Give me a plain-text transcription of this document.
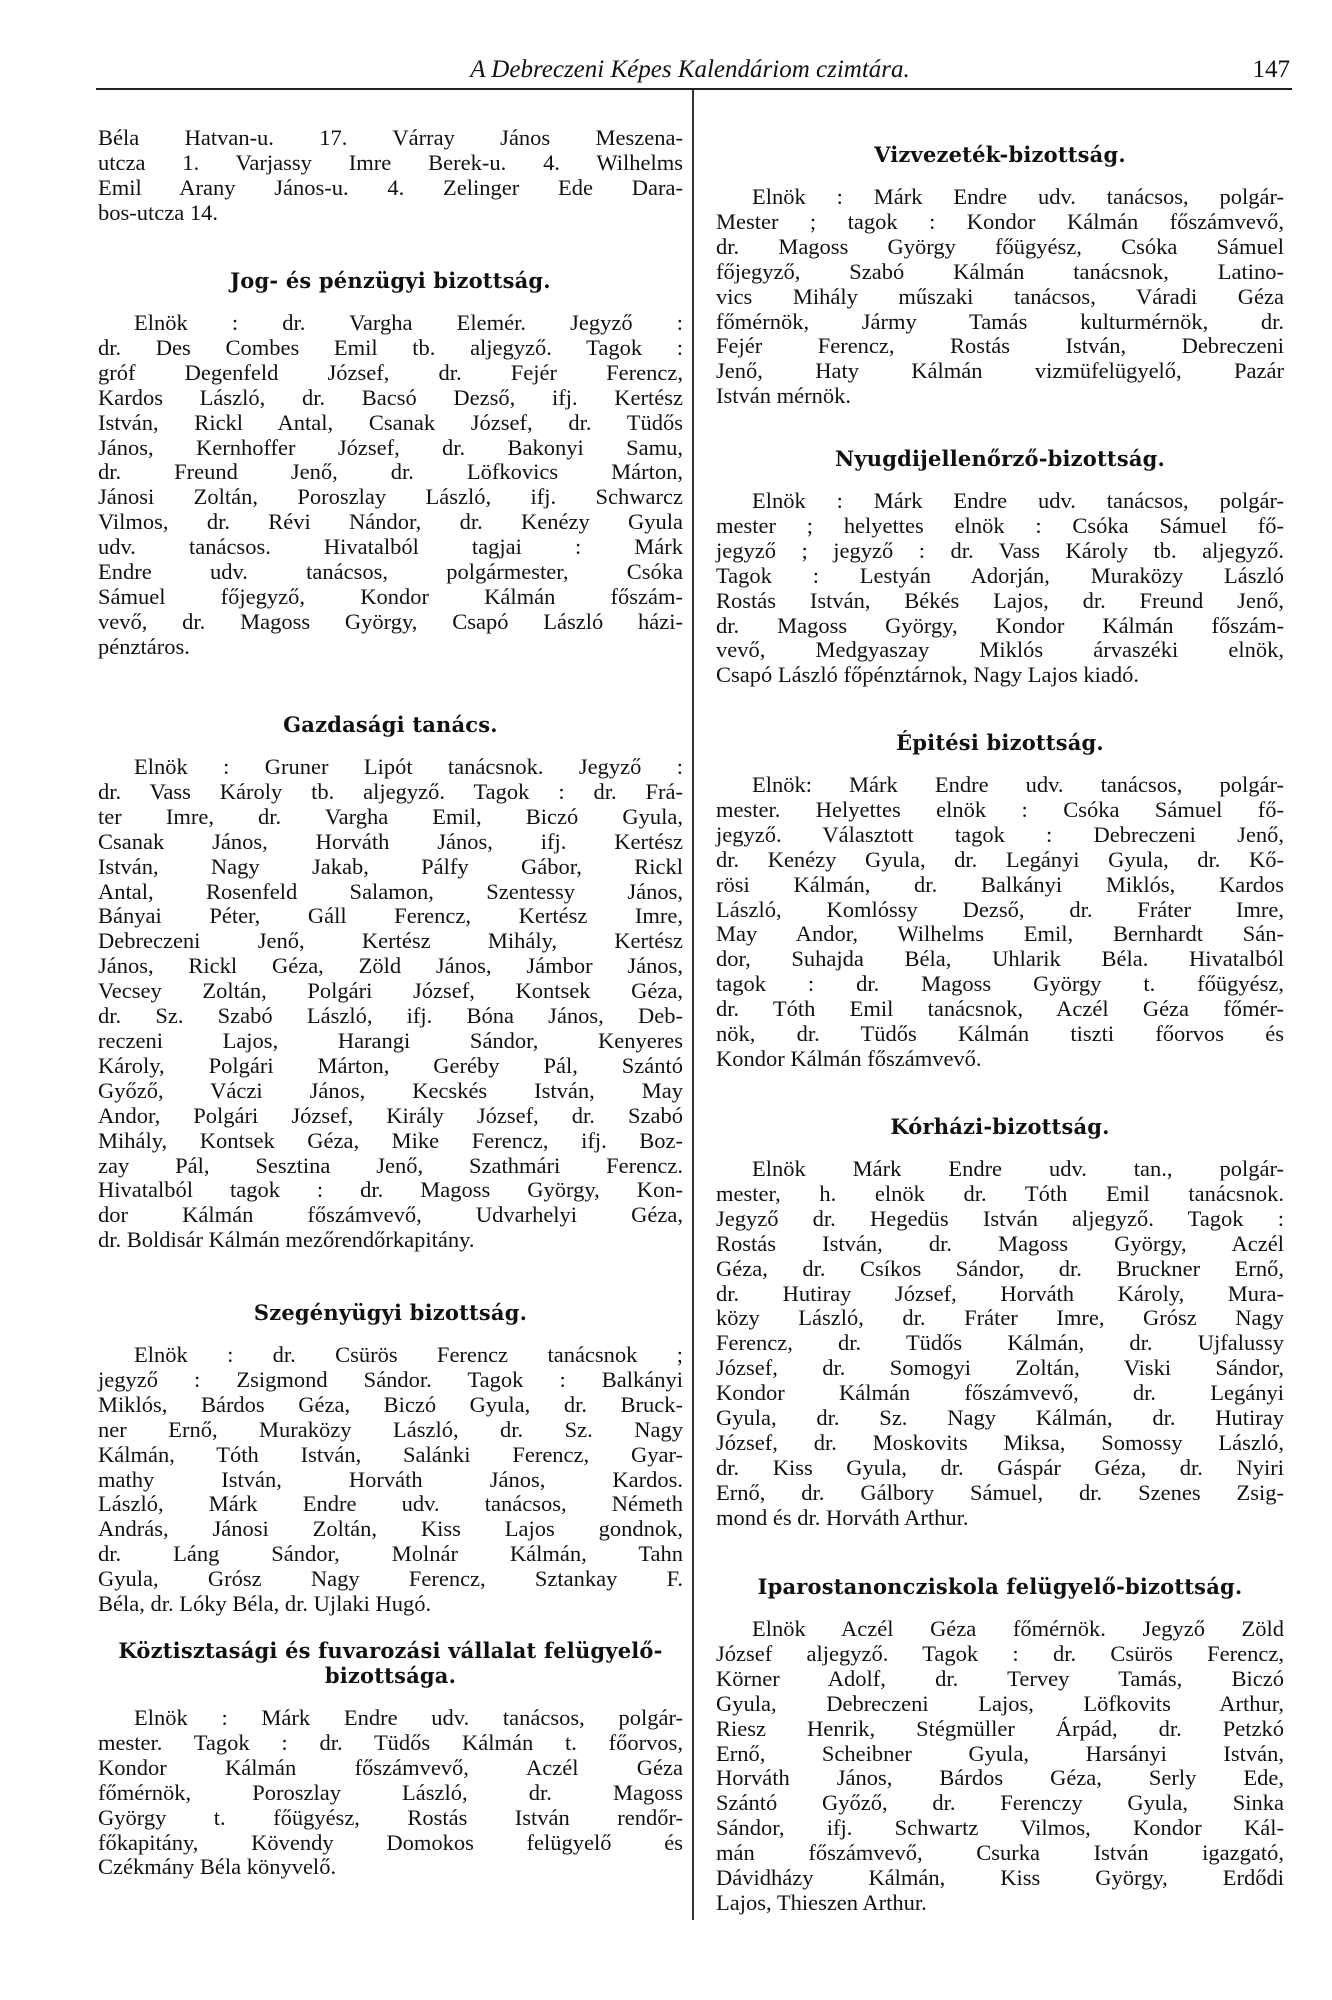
A Debreczeni Képes Kalendáriom czimtára.	147
Béla Hatvan-u. 17. Várray János Meszena-
utcza 1. Varjassy Imre Berek-u. 4. Wilhelms
Emil Arany János-u. 4. Zelinger Ede Dara-
bos-utcza 14.
Jog- és pénzügyi bizottság.
Elnök : dr. Vargha Elemér. Jegyző :
dr. Des Combes Emil tb. aljegyző. Tagok :
gróf Degenfeld József, dr. Fejér Ferencz,
Kardos László, dr. Bacsó Dezső, ifj. Kertész
István, Rickl Antal, Csanak József, dr. Tüdős
János, Kernhoffer József, dr. Bakonyi Samu,
dr. Freund Jenő, dr. Löfkovics Márton,
Jánosi Zoltán, Poroszlay László, ifj. Schwarcz
Vilmos, dr. Révi Nándor, dr. Kenézy Gyula
udv. tanácsos. Hivatalból tagjai : Márk
Endre udv. tanácsos, polgármester, Csóka
Sámuel főjegyző, Kondor Kálmán főszám-
vevő, dr. Magoss György, Csapó László házi-
pénztáros.
Gazdasági tanács.
Elnök : Gruner Lipót tanácsnok. Jegyző :
dr. Vass Károly tb. aljegyző. Tagok : dr. Frá-
ter Imre, dr. Vargha Emil, Biczó Gyula,
Csanak János, Horváth János, ifj. Kertész
István, Nagy Jakab, Pálfy Gábor, Rickl
Antal, Rosenfeld Salamon, Szentessy János,
Bányai Péter, Gáll Ferencz, Kertész Imre,
Debreczeni Jenő, Kertész Mihály, Kertész
János, Rickl Géza, Zöld János, Jámbor János,
Vecsey Zoltán, Polgári József, Kontsek Géza,
dr. Sz. Szabó László, ifj. Bóna János, Deb-
reczeni Lajos, Harangi Sándor, Kenyeres
Károly, Polgári Márton, Geréby Pál, Szántó
Győző, Váczi János, Kecskés István, May
Andor, Polgári József, Király József, dr. Szabó
Mihály, Kontsek Géza, Mike Ferencz, ifj. Boz-
zay Pál, Sesztina Jenő, Szathmári Ferencz.
Hivatalból tagok : dr. Magoss György, Kon-
dor Kálmán főszámvevő, Udvarhelyi Géza,
dr. Boldisár Kálmán mezőrendőrkapitány.
Szegényügyi bizottság.
Elnök : dr. Csürös Ferencz tanácsnok ;
jegyző : Zsigmond Sándor. Tagok : Balkányi
Miklós, Bárdos Géza, Biczó Gyula, dr. Bruck-
ner Ernő, Muraközy László, dr. Sz. Nagy
Kálmán, Tóth István, Salánki Ferencz, Gyar-
mathy István, Horváth János, Kardos.
László, Márk Endre udv. tanácsos, Németh
András, Jánosi Zoltán, Kiss Lajos gondnok,
dr. Láng Sándor, Molnár Kálmán, Tahn
Gyula, Grósz Nagy Ferencz, Sztankay F.
Béla, dr. Lóky Béla, dr. Ujlaki Hugó.
Köztisztasági és fuvarozási vállalat felügyelő-
bizottsága.
Elnök : Márk Endre udv. tanácsos, polgár-
mester. Tagok : dr. Tüdős Kálmán t. főorvos,
Kondor Kálmán főszámvevő, Aczél Géza
főmérnök, Poroszlay László, dr. Magoss
György t. főügyész, Rostás István rendőr-
főkapitány, Kövendy Domokos felügyelő és
Czékmány Béla könyvelő.
Vizvezeték-bizottság.
Elnök : Márk Endre udv. tanácsos, polgár-
Mester ; tagok : Kondor Kálmán főszámvevő,
dr. Magoss György főügyész, Csóka Sámuel
főjegyző, Szabó Kálmán tanácsnok, Latino-
vics Mihály műszaki tanácsos, Váradi Géza
főmérnök, Jármy Tamás kulturmérnök, dr.
Fejér Ferencz, Rostás István, Debreczeni
Jenő, Haty Kálmán vizmüfelügyelő, Pazár
István mérnök.
Nyugdijellenőrző-bizottság.
Elnök : Márk Endre udv. tanácsos, polgár-
mester ; helyettes elnök : Csóka Sámuel fő-
jegyző ; jegyző : dr. Vass Károly tb. aljegyző.
Tagok : Lestyán Adorján, Muraközy László
Rostás István, Békés Lajos, dr. Freund Jenő,
dr. Magoss György, Kondor Kálmán főszám-
vevő, Medgyaszay Miklós árvaszéki elnök,
Csapó László főpénztárnok, Nagy Lajos kiadó.
Épitési bizottság.
Elnök: Márk Endre udv. tanácsos, polgár-
mester. Helyettes elnök : Csóka Sámuel fő-
jegyző. Választott tagok : Debreczeni Jenő,
dr. Kenézy Gyula, dr. Legányi Gyula, dr. Kő-
rösi Kálmán, dr. Balkányi Miklós, Kardos
László, Komlóssy Dezső, dr. Fráter Imre,
May Andor, Wilhelms Emil, Bernhardt Sán-
dor, Suhajda Béla, Uhlarik Béla. Hivatalból
tagok : dr. Magoss György t. főügyész,
dr. Tóth Emil tanácsnok, Aczél Géza főmér-
nök, dr. Tüdős Kálmán tiszti főorvos és
Kondor Kálmán főszámvevő.
Kórházi-bizottság.
Elnök Márk Endre udv. tan., polgár-
mester, h. elnök dr. Tóth Emil tanácsnok.
Jegyző dr. Hegedüs István aljegyző. Tagok :
Rostás István, dr. Magoss György, Aczél
Géza, dr. Csíkos Sándor, dr. Bruckner Ernő,
dr. Hutiray József, Horváth Károly, Mura-
közy László, dr. Fráter Imre, Grósz Nagy
Ferencz, dr. Tüdős Kálmán, dr. Ujfalussy
József, dr. Somogyi Zoltán, Viski Sándor,
Kondor Kálmán főszámvevő, dr. Legányi
Gyula, dr. Sz. Nagy Kálmán, dr. Hutiray
József, dr. Moskovits Miksa, Somossy László,
dr. Kiss Gyula, dr. Gáspár Géza, dr. Nyiri
Ernő, dr. Gálbory Sámuel, dr. Szenes Zsig-
mond és dr. Horváth Arthur.
Iparostanoncziskola felügyelő-bizottság.
Elnök Aczél Géza főmérnök. Jegyző Zöld
József aljegyző. Tagok : dr. Csürös Ferencz,
Körner Adolf, dr. Tervey Tamás, Biczó
Gyula, Debreczeni Lajos, Löfkovits Arthur,
Riesz Henrik, Stégmüller Árpád, dr. Petzkó
Ernő, Scheibner Gyula, Harsányi István,
Horváth János, Bárdos Géza, Serly Ede,
Szántó Győző, dr. Ferenczy Gyula, Sinka
Sándor, ifj. Schwartz Vilmos, Kondor Kál-
mán főszámvevő, Csurka István igazgató,
Dávidházy Kálmán, Kiss György, Erdődi
Lajos, Thieszen Arthur.
